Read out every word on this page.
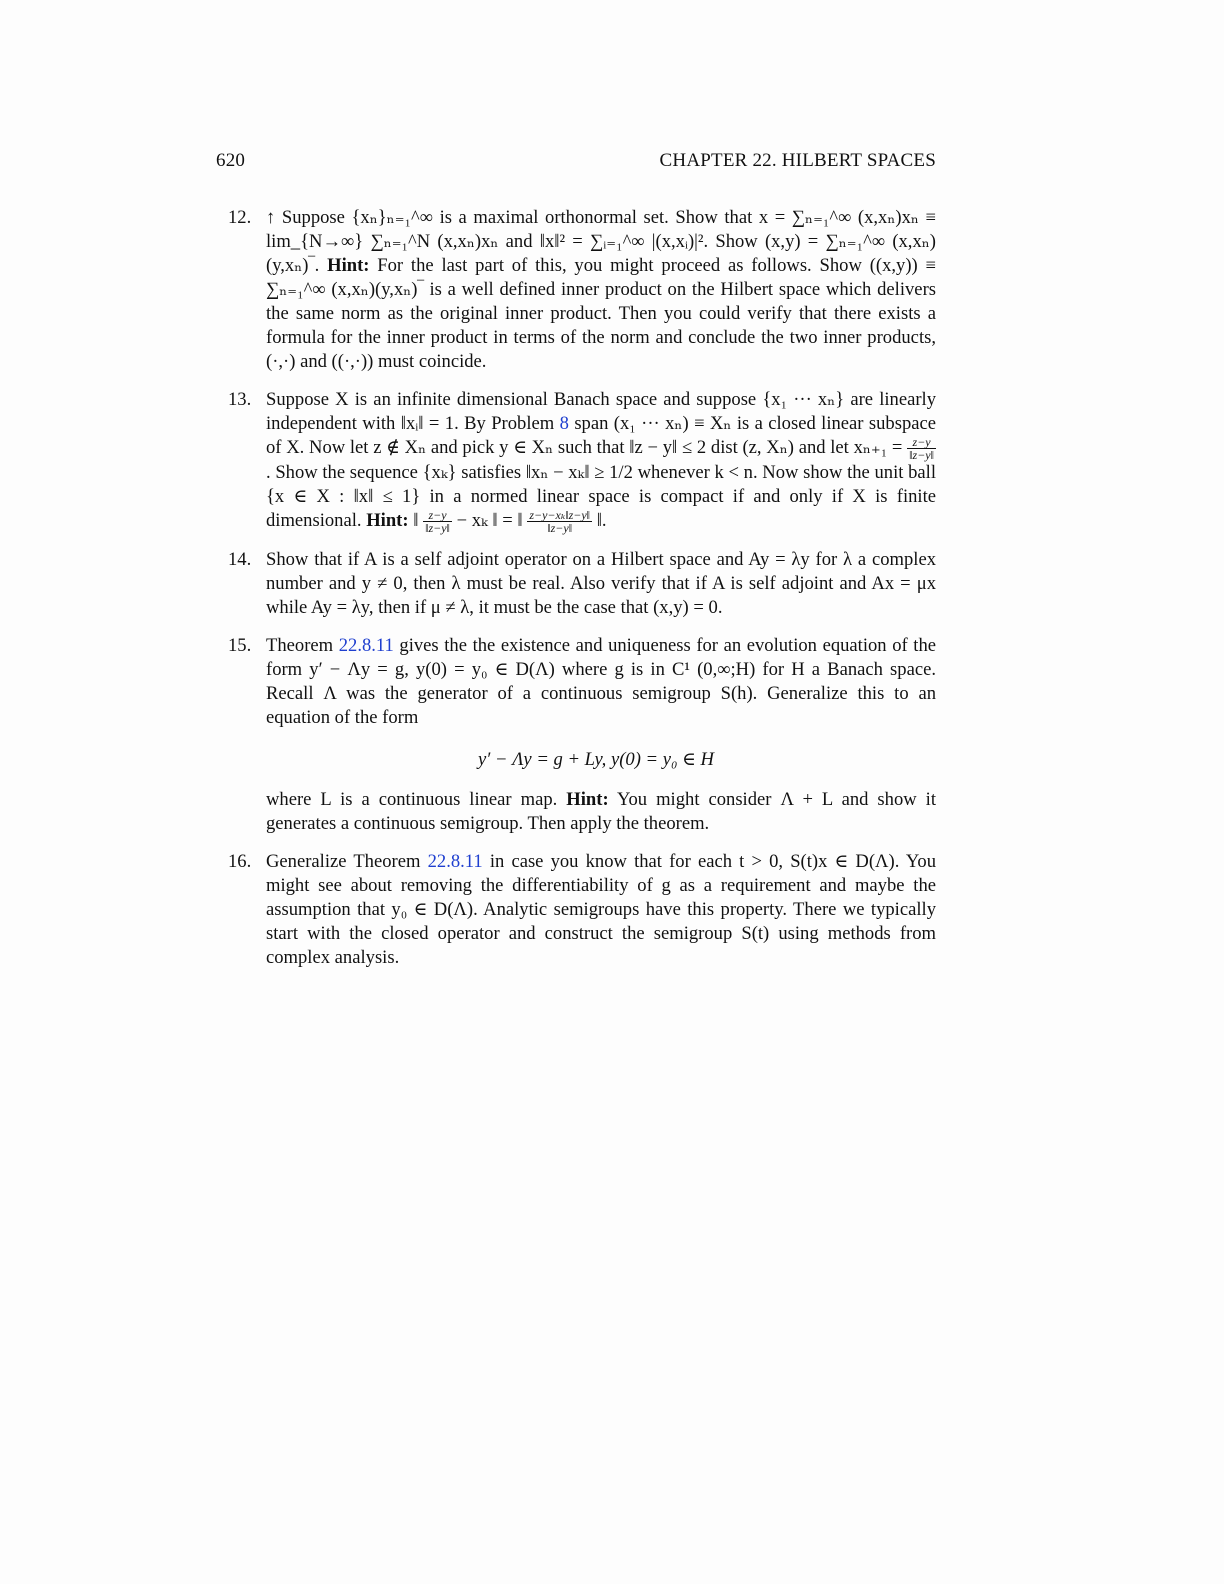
620	CHAPTER 22. HILBERT SPACES
12. ↑ Suppose {xₙ}ₙ₌₁^∞ is a maximal orthonormal set. Show that x = ∑ₙ₌₁^∞ (x,xₙ)xₙ ≡ lim_{N→∞} ∑ₙ₌₁^N (x,xₙ)xₙ and ‖x‖² = ∑ᵢ₌₁^∞ |(x,xᵢ)|². Show (x,y) = ∑ₙ₌₁^∞ (x,xₙ)(y,xₙ)‾. Hint: For the last part of this, you might proceed as follows. Show ((x,y)) ≡ ∑ₙ₌₁^∞ (x,xₙ)(y,xₙ)‾ is a well defined inner product on the Hilbert space which delivers the same norm as the original inner product. Then you could verify that there exists a formula for the inner product in terms of the norm and conclude the two inner products, (·,·) and ((·,·)) must coincide.
13. Suppose X is an infinite dimensional Banach space and suppose {x₁ ··· xₙ} are linearly independent with ‖xᵢ‖ = 1. By Problem 8 span (x₁ ··· xₙ) ≡ Xₙ is a closed linear subspace of X. Now let z ∉ Xₙ and pick y ∈ Xₙ such that ‖z − y‖ ≤ 2 dist (z, Xₙ) and let $x_{n+1} = \frac{z-y}{‖z-y‖}$
. Show the sequence {xₖ} satisfies ‖xₙ − xₖ‖ ≥ 1/2 whenever k < n. Now show the unit ball {x ∈ X : ‖x‖ ≤ 1} in a normed linear space is compact if and only if X is finite dimensional. Hint: ‖ $\frac{z-y}{‖z-y‖} - x_k$ ‖ = ‖ $\frac{\text{z−y−xₖ‖z−y‖}}{‖z-y‖}$ ‖.
14. Show that if A is a self adjoint operator on a Hilbert space and Ay = λy for λ a complex number and y ≠ 0, then λ must be real. Also verify that if A is self adjoint and Ax = μx while Ay = λy, then if μ ≠ λ, it must be the case that (x,y) = 0.
15. Theorem 22.8.11 gives the the existence and uniqueness for an evolution equation of the form y′ − Λy = g, y(0) = y₀ ∈ D(Λ) where g is in C¹ (0,∞;H) for H a Banach space. Recall Λ was the generator of a continuous semigroup S(h). Generalize this to an equation of the form
y′ − Λy = g + Ly, y(0) = y₀ ∈ H
where L is a continuous linear map. Hint: You might consider Λ + L and show it generates a continuous semigroup. Then apply the theorem.
16. Generalize Theorem 22.8.11 in case you know that for each t > 0, S(t)x ∈ D(Λ). You might see about removing the differentiability of g as a requirement and maybe the assumption that y₀ ∈ D(Λ). Analytic semigroups have this property. There we typically start with the closed operator and construct the semigroup S(t) using methods from complex analysis.
